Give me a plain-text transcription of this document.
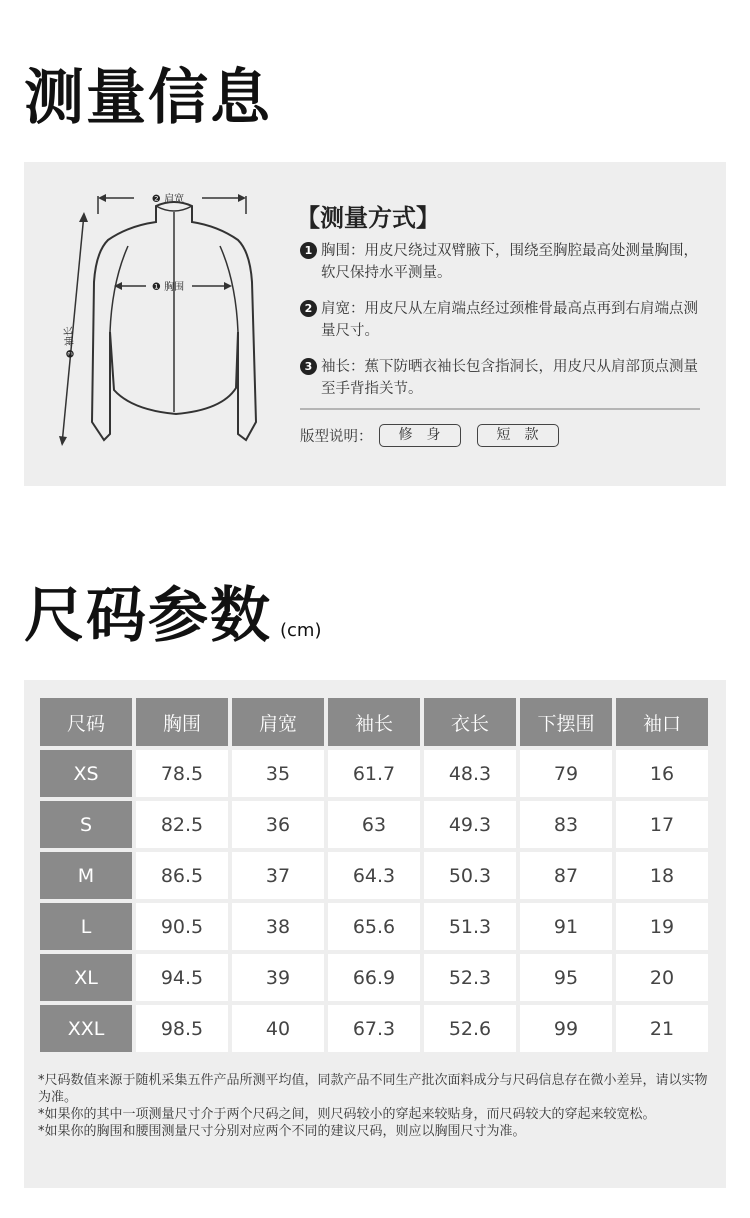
测量信息
❷ 肩宽
❶ 胸围
❸ 袖长
【测量方式】
1 胸围：用皮尺绕过双臂腋下，围绕至胸腔最高处测量胸围，软尺保持水平测量。
2 肩宽：用皮尺从左肩端点经过颈椎骨最高点再到右肩端点测量尺寸。
3 袖长：蕉下防晒衣袖长包含指洞长，用皮尺从肩部顶点测量至手背指关节。
版型说明：	修身	短款
尺码参数 (cm)
尺码	胸围	肩宽	袖长	衣长	下摆围	袖口
XS	78.5	35	61.7	48.3	79	16
S	82.5	36	63	49.3	83	17
M	86.5	37	64.3	50.3	87	18
L	90.5	38	65.6	51.3	91	19
XL	94.5	39	66.9	52.3	95	20
XXL	98.5	40	67.3	52.6	99	21
*尺码数值来源于随机采集五件产品所测平均值，同款产品不同生产批次面料成分与尺码信息存在微小差异，请以实物为准。
*如果你的其中一项测量尺寸介于两个尺码之间，则尺码较小的穿起来较贴身，而尺码较大的穿起来较宽松。
*如果你的胸围和腰围测量尺寸分别对应两个不同的建议尺码，则应以胸围尺寸为准。
